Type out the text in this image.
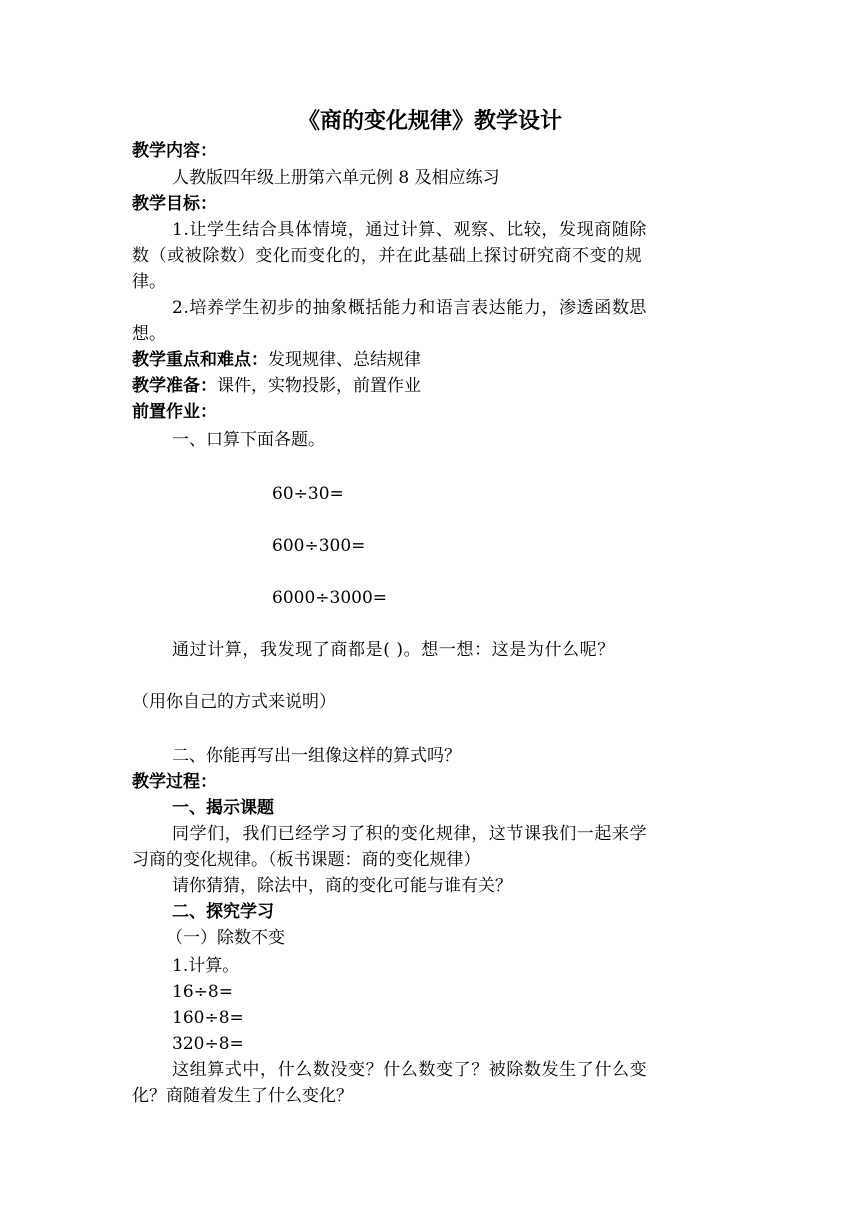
《商的变化规律》教学设计
教学内容：
人教版四年级上册第六单元例 8 及相应练习
教学目标：
1.让学生结合具体情境，通过计算、观察、比较，发现商随除
数（或被除数）变化而变化的，并在此基础上探讨研究商不变的规
律。
2.培养学生初步的抽象概括能力和语言表达能力，渗透函数思
想。
教学重点和难点：发现规律、总结规律
教学准备：课件，实物投影，前置作业
前置作业：
一、口算下面各题。
60÷30=
600÷300=
6000÷3000=
通过计算，我发现了商都是( )。想一想：这是为什么呢？
（用你自己的方式来说明）
二、你能再写出一组像这样的算式吗？
教学过程：
一、揭示课题
同学们，我们已经学习了积的变化规律，这节课我们一起来学
习商的变化规律。（板书课题：商的变化规律）
请你猜猜，除法中，商的变化可能与谁有关？
二、探究学习
（一）除数不变
1.计算。
16÷8=
160÷8=
320÷8=
这组算式中，什么数没变？什么数变了？被除数发生了什么变
化？商随着发生了什么变化？
